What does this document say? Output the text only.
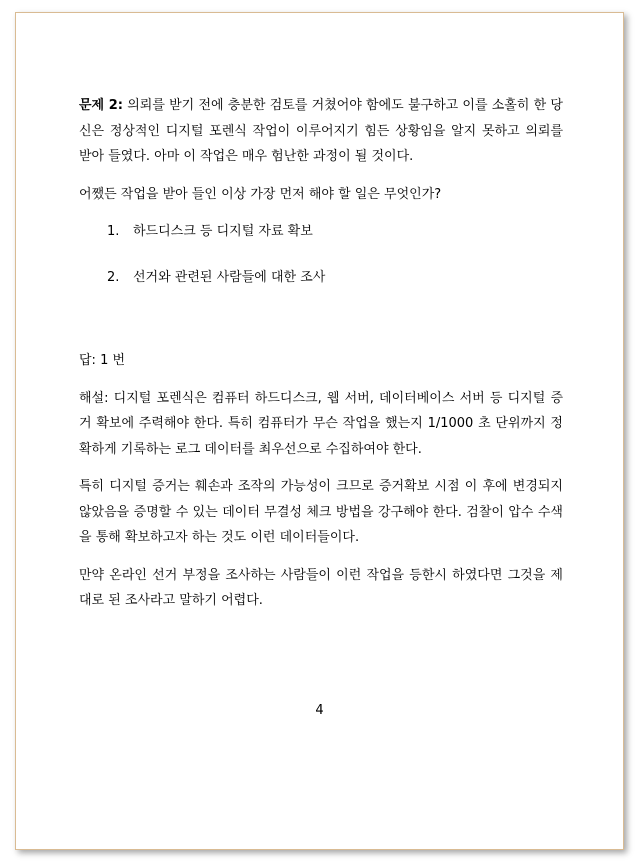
문제 2: 의뢰를 받기 전에 충분한 검토를 거쳤어야 함에도 불구하고 이를 소홀히 한 당신은 정상적인 디지털 포렌식 작업이 이루어지기 힘든 상황임을 알지 못하고 의뢰를 받아 들였다. 아마 이 작업은 매우 험난한 과정이 될 것이다.

어쨌든 작업을 받아 들인 이상 가장 먼저 해야 할 일은 무엇인가?

1.	하드디스크 등 디지털 자료 확보
2.	선거와 관련된 사람들에 대한 조사

답: 1 번

해설: 디지털 포렌식은 컴퓨터 하드디스크, 웹 서버, 데이터베이스 서버 등 디지털 증거 확보에 주력해야 한다. 특히 컴퓨터가 무슨 작업을 했는지 1/1000 초 단위까지 정확하게 기록하는 로그 데이터를 최우선으로 수집하여야 한다.

특히 디지털 증거는 훼손과 조작의 가능성이 크므로 증거확보 시점 이 후에 변경되지 않았음을 증명할 수 있는 데이터 무결성 체크 방법을 강구해야 한다. 검찰이 압수 수색을 통해 확보하고자 하는 것도 이런 데이터들이다.

만약 온라인 선거 부정을 조사하는 사람들이 이런 작업을 등한시 하였다면 그것을 제대로 된 조사라고 말하기 어렵다.

4
